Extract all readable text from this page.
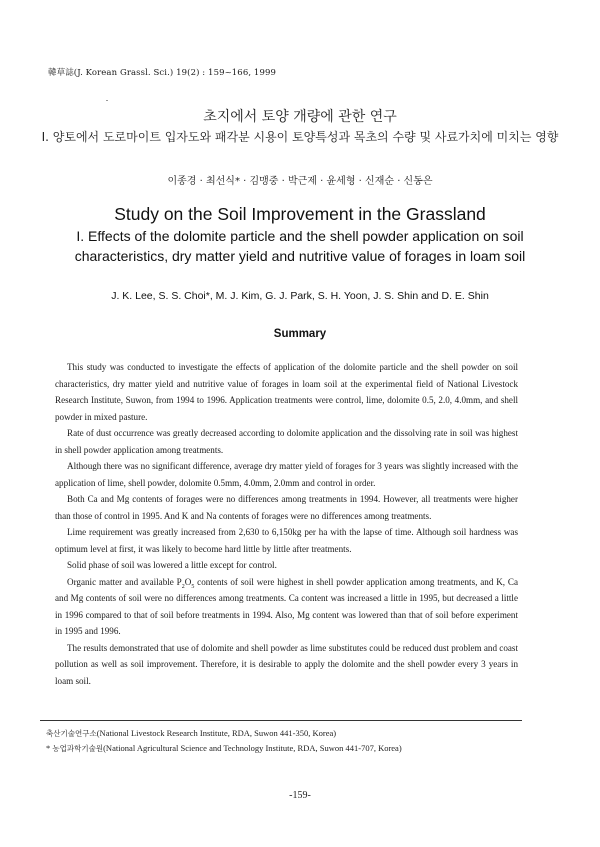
韓草誌(J. Korean Grassl. Sci.) 19(2) : 159~166, 1999
초지에서 토양 개량에 관한 연구
I. 양토에서 도로마이트 입자도와 패각분 시용이 토양특성과 목초의 수량 및 사료가치에 미치는 영향
이종경 · 최선식* · 김맹중 · 박근제 · 윤세형 · 신재순 · 신동은
Study on the Soil Improvement in the Grassland
I. Effects of the dolomite particle and the shell powder application on soil characteristics, dry matter yield and nutritive value of forages in loam soil
J. K. Lee, S. S. Choi*, M. J. Kim, G. J. Park, S. H. Yoon, J. S. Shin and D. E. Shin
Summary

This study was conducted to investigate the effects of application of the dolomite particle and the shell powder on soil characteristics, dry matter yield and nutritive value of forages in loam soil at the experimental field of National Livestock Research Institute, Suwon, from 1994 to 1996. Application treatments were control, lime, dolomite 0.5, 2.0, 4.0mm, and shell powder in mixed pasture.

Rate of dust occurrence was greatly decreased according to dolomite application and the dissolving rate in soil was highest in shell powder application among treatments.

Although there was no significant difference, average dry matter yield of forages for 3 years was slightly increased with the application of lime, shell powder, dolomite 0.5mm, 4.0mm, 2.0mm and control in order.

Both Ca and Mg contents of forages were no differences among treatments in 1994. However, all treatments were higher than those of control in 1995. And K and Na contents of forages were no differences among treatments.

Lime requirement was greatly increased from 2,630 to 6,150kg per ha with the lapse of time. Although soil hardness was optimum level at first, it was likely to become hard little by little after treatments.

Solid phase of soil was lowered a little except for control.

Organic matter and available $P_2O_5$ contents of soil were highest in shell powder application among treatments, and K, Ca and Mg contents of soil were no differences among treatments. Ca content was increased a little in 1995, but decreased a little in 1996 compared to that of soil before treatments in 1994. Also, Mg content was lowered than that of soil before experiment in 1995 and 1996.

The results demonstrated that use of dolomite and shell powder as lime substitutes could be reduced dust problem and coast pollution as well as soil improvement. Therefore, it is desirable to apply the dolomite and the shell powder every 3 years in loam soil.

축산기술연구소(National Livestock Research Institute, RDA, Suwon 441-350, Korea)
* 농업과학기술원(National Agricultural Science and Technology Institute, RDA, Suwon 441-707, Korea)
-159-
